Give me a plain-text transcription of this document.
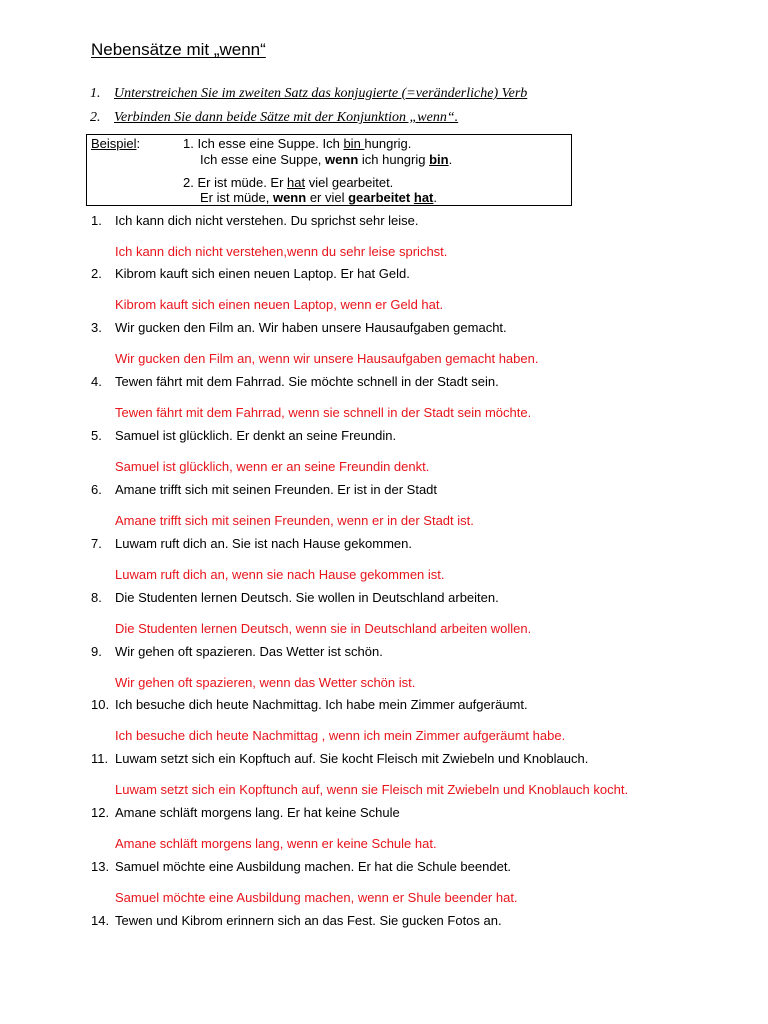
Nebensätze mit „wenn“
1. Unterstreichen Sie im zweiten Satz das konjugierte (=veränderliche) Verb
2. Verbinden Sie dann beide Sätze mit der Konjunktion „wenn“.
Beispiel:	1. Ich esse eine Suppe. Ich bin hungrig.
Ich esse eine Suppe, wenn ich hungrig bin.
2. Er ist müde. Er hat viel gearbeitet.
Er ist müde, wenn er viel gearbeitet hat.
1. Ich kann dich nicht verstehen. Du sprichst sehr leise.
Ich kann dich nicht verstehen,wenn du sehr leise sprichst.
2. Kibrom kauft sich einen neuen Laptop. Er hat Geld.
Kibrom kauft sich einen neuen Laptop, wenn er Geld hat.
3. Wir gucken den Film an. Wir haben unsere Hausaufgaben gemacht.
Wir gucken den Film an, wenn wir unsere Hausaufgaben gemacht haben.
4. Tewen fährt mit dem Fahrrad. Sie möchte schnell in der Stadt sein.
Tewen fährt mit dem Fahrrad, wenn sie schnell in der Stadt sein möchte.
5. Samuel ist glücklich. Er denkt an seine Freundin.
Samuel ist glücklich, wenn er an seine Freundin denkt.
6. Amane trifft sich mit seinen Freunden. Er ist in der Stadt
Amane trifft sich mit seinen Freunden, wenn er in der Stadt ist.
7. Luwam ruft dich an. Sie ist nach Hause gekommen.
Luwam ruft dich an, wenn sie nach Hause gekommen ist.
8. Die Studenten lernen Deutsch. Sie wollen in Deutschland arbeiten.
Die Studenten lernen Deutsch, wenn sie in Deutschland arbeiten wollen.
9. Wir gehen oft spazieren. Das Wetter ist schön.
Wir gehen oft spazieren, wenn das Wetter schön ist.
10. Ich besuche dich heute Nachmittag. Ich habe mein Zimmer aufgeräumt.
Ich besuche dich heute Nachmittag , wenn ich mein Zimmer aufgeräumt habe.
11. Luwam setzt sich ein Kopftuch auf. Sie kocht Fleisch mit Zwiebeln und Knoblauch.
Luwam setzt sich ein Kopftunch auf, wenn sie Fleisch mit Zwiebeln und Knoblauch kocht.
12. Amane schläft morgens lang. Er hat keine Schule
Amane schläft morgens lang, wenn er keine Schule hat.
13. Samuel möchte eine Ausbildung machen. Er hat die Schule beendet.
Samuel möchte eine Ausbildung machen, wenn er Shule beender hat.
14. Tewen und Kibrom erinnern sich an das Fest. Sie gucken Fotos an.
